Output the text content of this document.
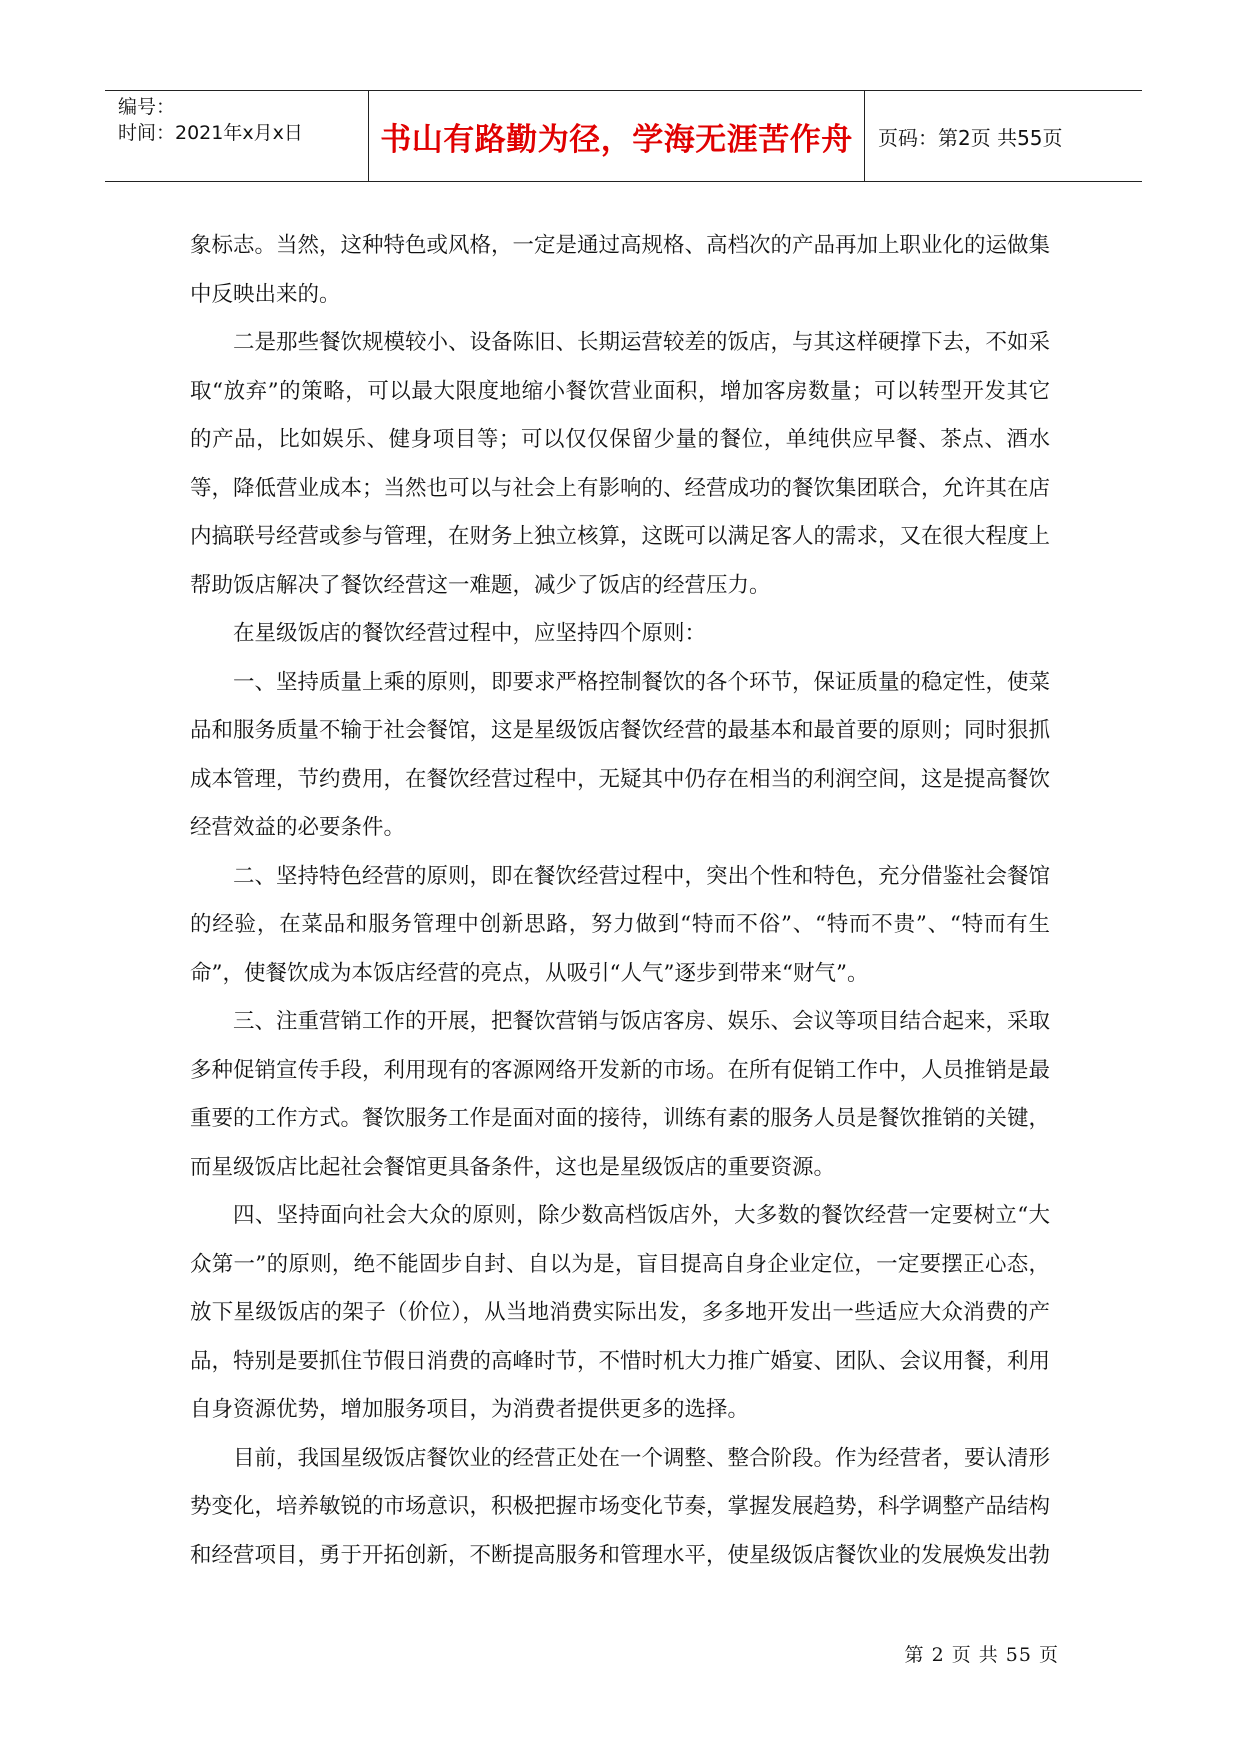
编号：
时间：2021年x月x日	书山有路勤为径，学海无涯苦作舟 页码：第2页 共55页

象标志。当然，这种特色或风格，一定是通过高规格、高档次的产品再加上职业化的运做集中反映出来的。

二是那些餐饮规模较小、设备陈旧、长期运营较差的饭店，与其这样硬撑下去，不如采取“放弃”的策略，可以最大限度地缩小餐饮营业面积，增加客房数量；可以转型开发其它的产品，比如娱乐、健身项目等；可以仅仅保留少量的餐位，单纯供应早餐、茶点、酒水等，降低营业成本；当然也可以与社会上有影响的、经营成功的餐饮集团联合，允许其在店内搞联号经营或参与管理，在财务上独立核算，这既可以满足客人的需求，又在很大程度上帮助饭店解决了餐饮经营这一难题，减少了饭店的经营压力。

在星级饭店的餐饮经营过程中，应坚持四个原则：

一、坚持质量上乘的原则，即要求严格控制餐饮的各个环节，保证质量的稳定性，使菜品和服务质量不输于社会餐馆，这是星级饭店餐饮经营的最基本和最首要的原则；同时狠抓成本管理，节约费用，在餐饮经营过程中，无疑其中仍存在相当的利润空间，这是提高餐饮经营效益的必要条件。

二、坚持特色经营的原则，即在餐饮经营过程中，突出个性和特色，充分借鉴社会餐馆的经验，在菜品和服务管理中创新思路，努力做到“特而不俗”、“特而不贵”、“特而有生命”，使餐饮成为本饭店经营的亮点，从吸引“人气”逐步到带来“财气”。

三、注重营销工作的开展，把餐饮营销与饭店客房、娱乐、会议等项目结合起来，采取多种促销宣传手段，利用现有的客源网络开发新的市场。在所有促销工作中，人员推销是最重要的工作方式。餐饮服务工作是面对面的接待，训练有素的服务人员是餐饮推销的关键，而星级饭店比起社会餐馆更具备条件，这也是星级饭店的重要资源。

四、坚持面向社会大众的原则，除少数高档饭店外，大多数的餐饮经营一定要树立“大众第一”的原则，绝不能固步自封、自以为是，盲目提高自身企业定位，一定要摆正心态，放下星级饭店的架子（价位），从当地消费实际出发，多多地开发出一些适应大众消费的产品，特别是要抓住节假日消费的高峰时节，不惜时机大力推广婚宴、团队、会议用餐，利用自身资源优势，增加服务项目，为消费者提供更多的选择。

目前，我国星级饭店餐饮业的经营正处在一个调整、整合阶段。作为经营者，要认清形势变化，培养敏锐的市场意识，积极把握市场变化节奏，掌握发展趋势，科学调整产品结构和经营项目，勇于开拓创新，不断提高服务和管理水平，使星级饭店餐饮业的发展焕发出勃

第 2 页 共 55 页
